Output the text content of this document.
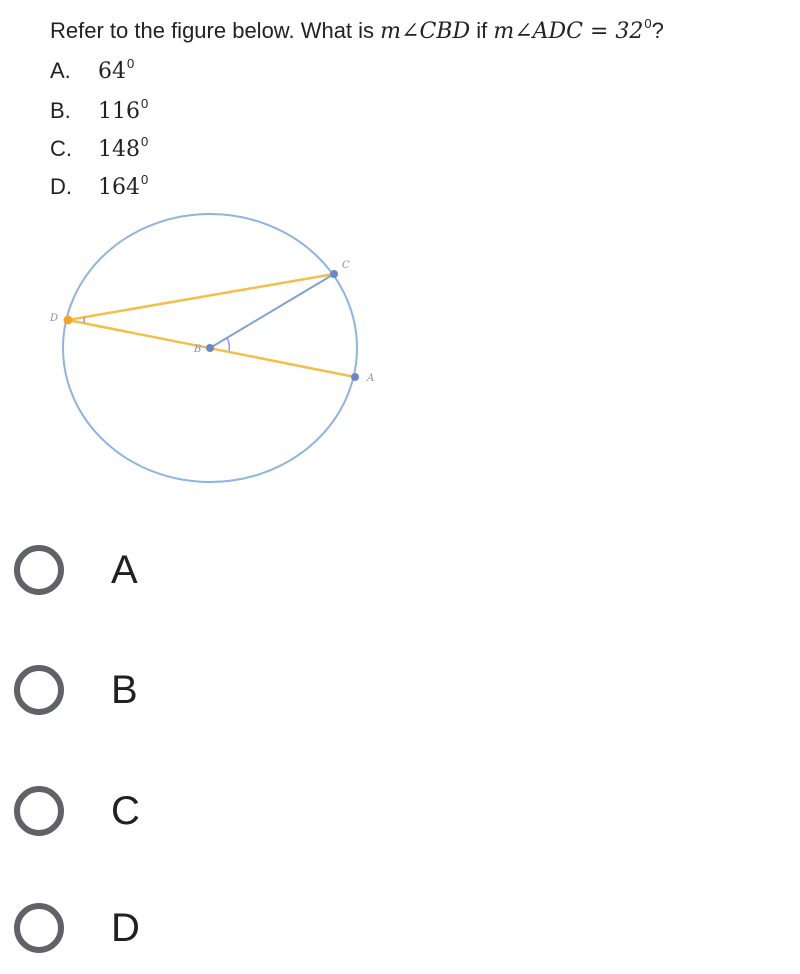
Refer to the figure below. What is m∠CBD if m∠ADC = $32^0$?
A. $64^0$
B. $116^0$
C. $148^0$
D. $164^0$
D
B
C
A
A
B
C
D
